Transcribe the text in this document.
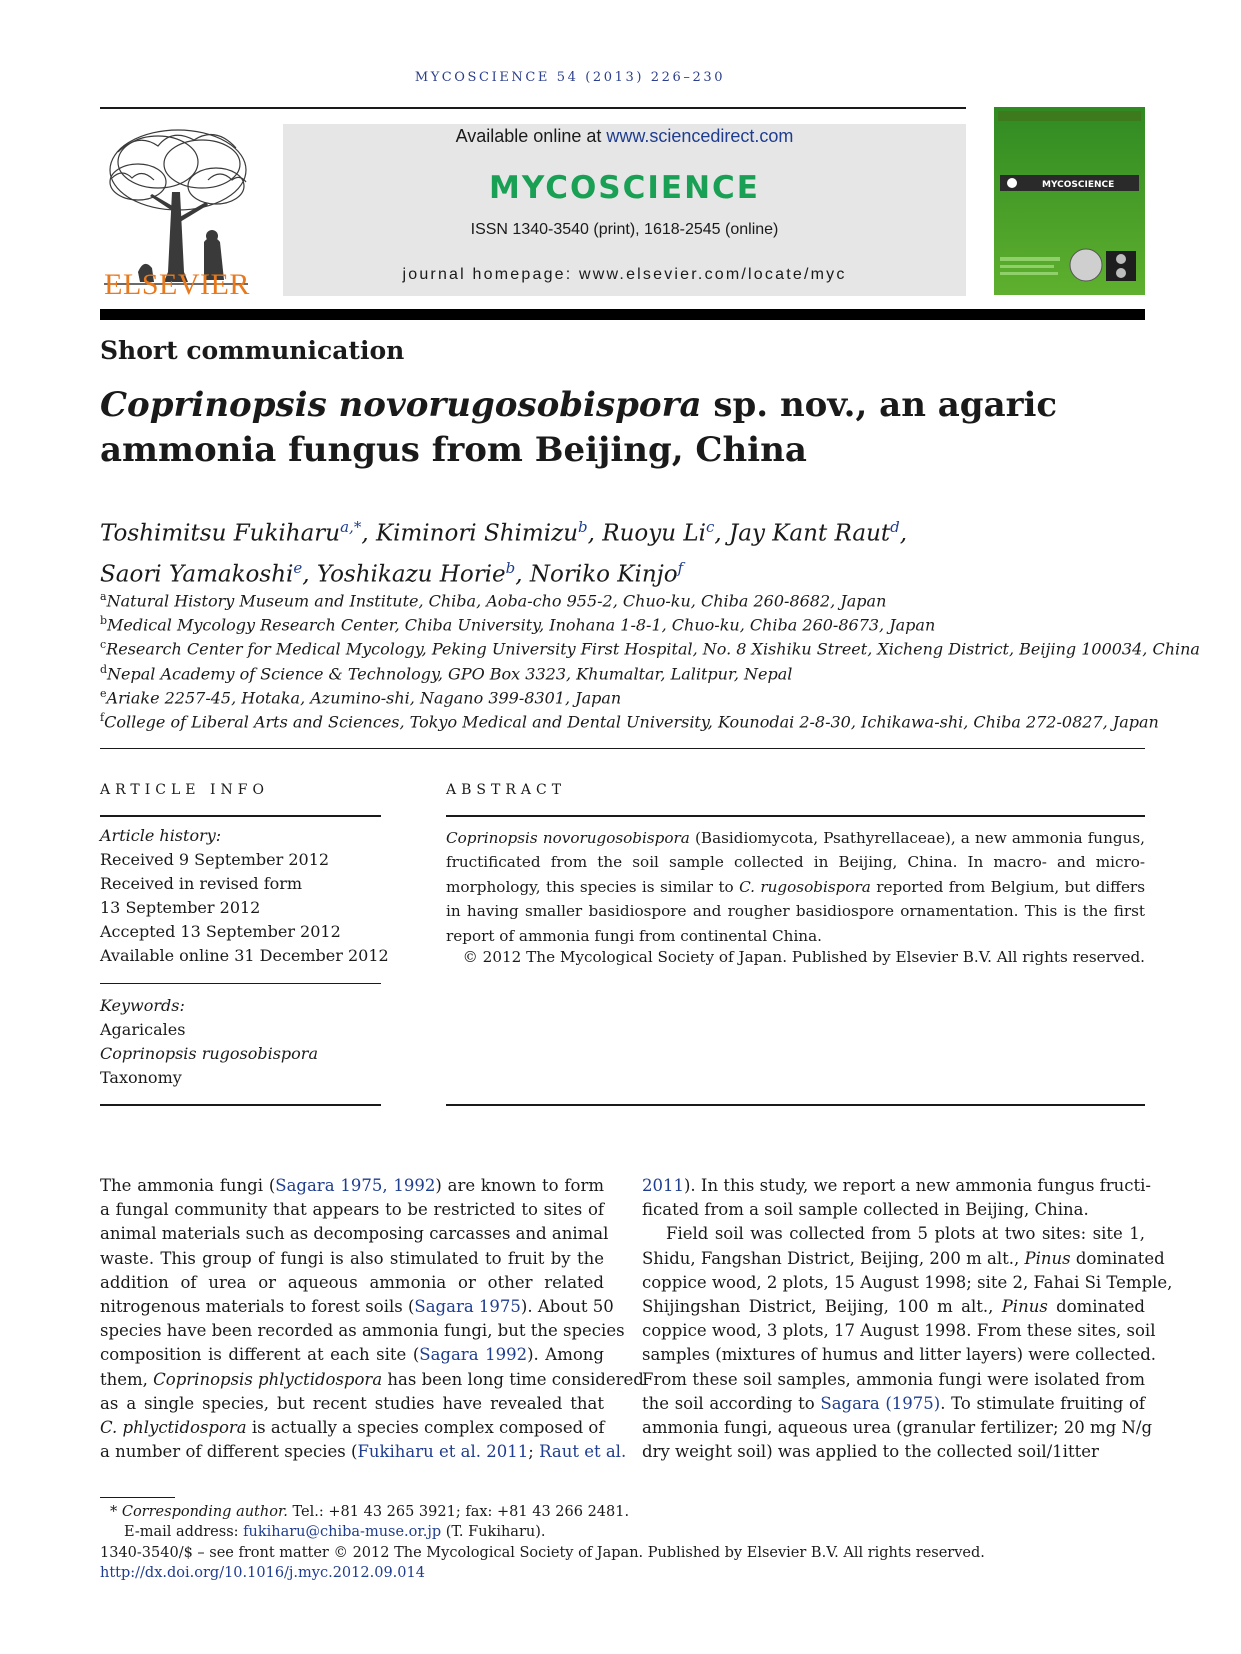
MYCOSCIENCE 54 (2013) 226–230
ELSEVIER
Available online at www.sciencedirect.com
MYCOSCIENCE
ISSN 1340-3540 (print), 1618-2545 (online)
journal homepage: www.elsevier.com/locate/myc
MYCOSCIENCE
Short communication
Coprinopsis novorugosobispora sp. nov., an agaric ammonia fungus from Beijing, China
Toshimitsu Fukiharu$^{a,*}$, Kiminori Shimizu$^b$, Ruoyu Li$^c$, Jay Kant Raut$^d$,
Saori Yamakoshi$^e$, Yoshikazu Horie$^b$, Noriko Kinjo$^f$
$^a$Natural History Museum and Institute, Chiba, Aoba-cho 955-2, Chuo-ku, Chiba 260-8682, Japan
$^b$Medical Mycology Research Center, Chiba University, Inohana 1-8-1, Chuo-ku, Chiba 260-8673, Japan
$^c$Research Center for Medical Mycology, Peking University First Hospital, No. 8 Xishiku Street, Xicheng District, Beijing 100034, China
$^d$Nepal Academy of Science & Technology, GPO Box 3323, Khumaltar, Lalitpur, Nepal
$^e$Ariake 2257-45, Hotaka, Azumino-shi, Nagano 399-8301, Japan
$^f$College of Liberal Arts and Sciences, Tokyo Medical and Dental University, Kounodai 2-8-30, Ichikawa-shi, Chiba 272-0827, Japan
ARTICLE INFO
Article history:
Received 9 September 2012
Received in revised form
13 September 2012
Accepted 13 September 2012
Available online 31 December 2012
Keywords:
Agaricales
Coprinopsis rugosobispora
Taxonomy
ABSTRACT
Coprinopsis novorugosobispora (Basidiomycota, Psathyrellaceae), a new ammonia fungus, fructificated from the soil sample collected in Beijing, China. In macro- and micro-morphology, this species is similar to C. rugosobispora reported from Belgium, but differs in having smaller basidiospore and rougher basidiospore ornamentation. This is the first report of ammonia fungi from continental China.
© 2012 The Mycological Society of Japan. Published by Elsevier B.V. All rights reserved.
The ammonia fungi (Sagara 1975, 1992) are known to form
a fungal community that appears to be restricted to sites of
animal materials such as decomposing carcasses and animal
waste. This group of fungi is also stimulated to fruit by the
addition of urea or aqueous ammonia or other related
nitrogenous materials to forest soils (Sagara 1975). About 50
species have been recorded as ammonia fungi, but the species
composition is different at each site (Sagara 1992). Among
them, Coprinopsis phlyctidospora has been long time considered
as a single species, but recent studies have revealed that
C. phlyctidospora is actually a species complex composed of
a number of different species (Fukiharu et al. 2011; Raut et al.
2011). In this study, we report a new ammonia fungus fructi-
ficated from a soil sample collected in Beijing, China.
Field soil was collected from 5 plots at two sites: site 1,
Shidu, Fangshan District, Beijing, 200 m alt., Pinus dominated
coppice wood, 2 plots, 15 August 1998; site 2, Fahai Si Temple,
Shijingshan District, Beijing, 100 m alt., Pinus dominated
coppice wood, 3 plots, 17 August 1998. From these sites, soil
samples (mixtures of humus and litter layers) were collected.
From these soil samples, ammonia fungi were isolated from
the soil according to Sagara (1975). To stimulate fruiting of
ammonia fungi, aqueous urea (granular fertilizer; 20 mg N/g
dry weight soil) was applied to the collected soil/1itter
* Corresponding author. Tel.: +81 43 265 3921; fax: +81 43 266 2481.
E-mail address: fukiharu@chiba-muse.or.jp (T. Fukiharu).
1340-3540/$ – see front matter © 2012 The Mycological Society of Japan. Published by Elsevier B.V. All rights reserved.
http://dx.doi.org/10.1016/j.myc.2012.09.014
